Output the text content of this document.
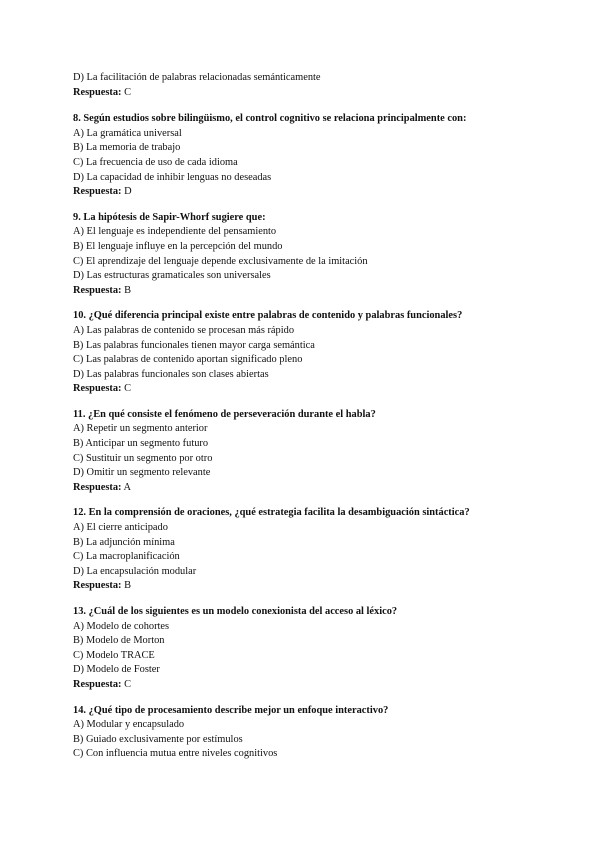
D) La facilitación de palabras relacionadas semánticamente
Respuesta: C
8. Según estudios sobre bilingüismo, el control cognitivo se relaciona principalmente con:
A) La gramática universal
B) La memoria de trabajo
C) La frecuencia de uso de cada idioma
D) La capacidad de inhibir lenguas no deseadas
Respuesta: D
9. La hipótesis de Sapir-Whorf sugiere que:
A) El lenguaje es independiente del pensamiento
B) El lenguaje influye en la percepción del mundo
C) El aprendizaje del lenguaje depende exclusivamente de la imitación
D) Las estructuras gramaticales son universales
Respuesta: B
10. ¿Qué diferencia principal existe entre palabras de contenido y palabras funcionales?
A) Las palabras de contenido se procesan más rápido
B) Las palabras funcionales tienen mayor carga semántica
C) Las palabras de contenido aportan significado pleno
D) Las palabras funcionales son clases abiertas
Respuesta: C
11. ¿En qué consiste el fenómeno de perseveración durante el habla?
A) Repetir un segmento anterior
B) Anticipar un segmento futuro
C) Sustituir un segmento por otro
D) Omitir un segmento relevante
Respuesta: A
12. En la comprensión de oraciones, ¿qué estrategia facilita la desambiguación sintáctica?
A) El cierre anticipado
B) La adjunción mínima
C) La macroplanificación
D) La encapsulación modular
Respuesta: B
13. ¿Cuál de los siguientes es un modelo conexionista del acceso al léxico?
A) Modelo de cohortes
B) Modelo de Morton
C) Modelo TRACE
D) Modelo de Foster
Respuesta: C
14. ¿Qué tipo de procesamiento describe mejor un enfoque interactivo?
A) Modular y encapsulado
B) Guiado exclusivamente por estímulos
C) Con influencia mutua entre niveles cognitivos
